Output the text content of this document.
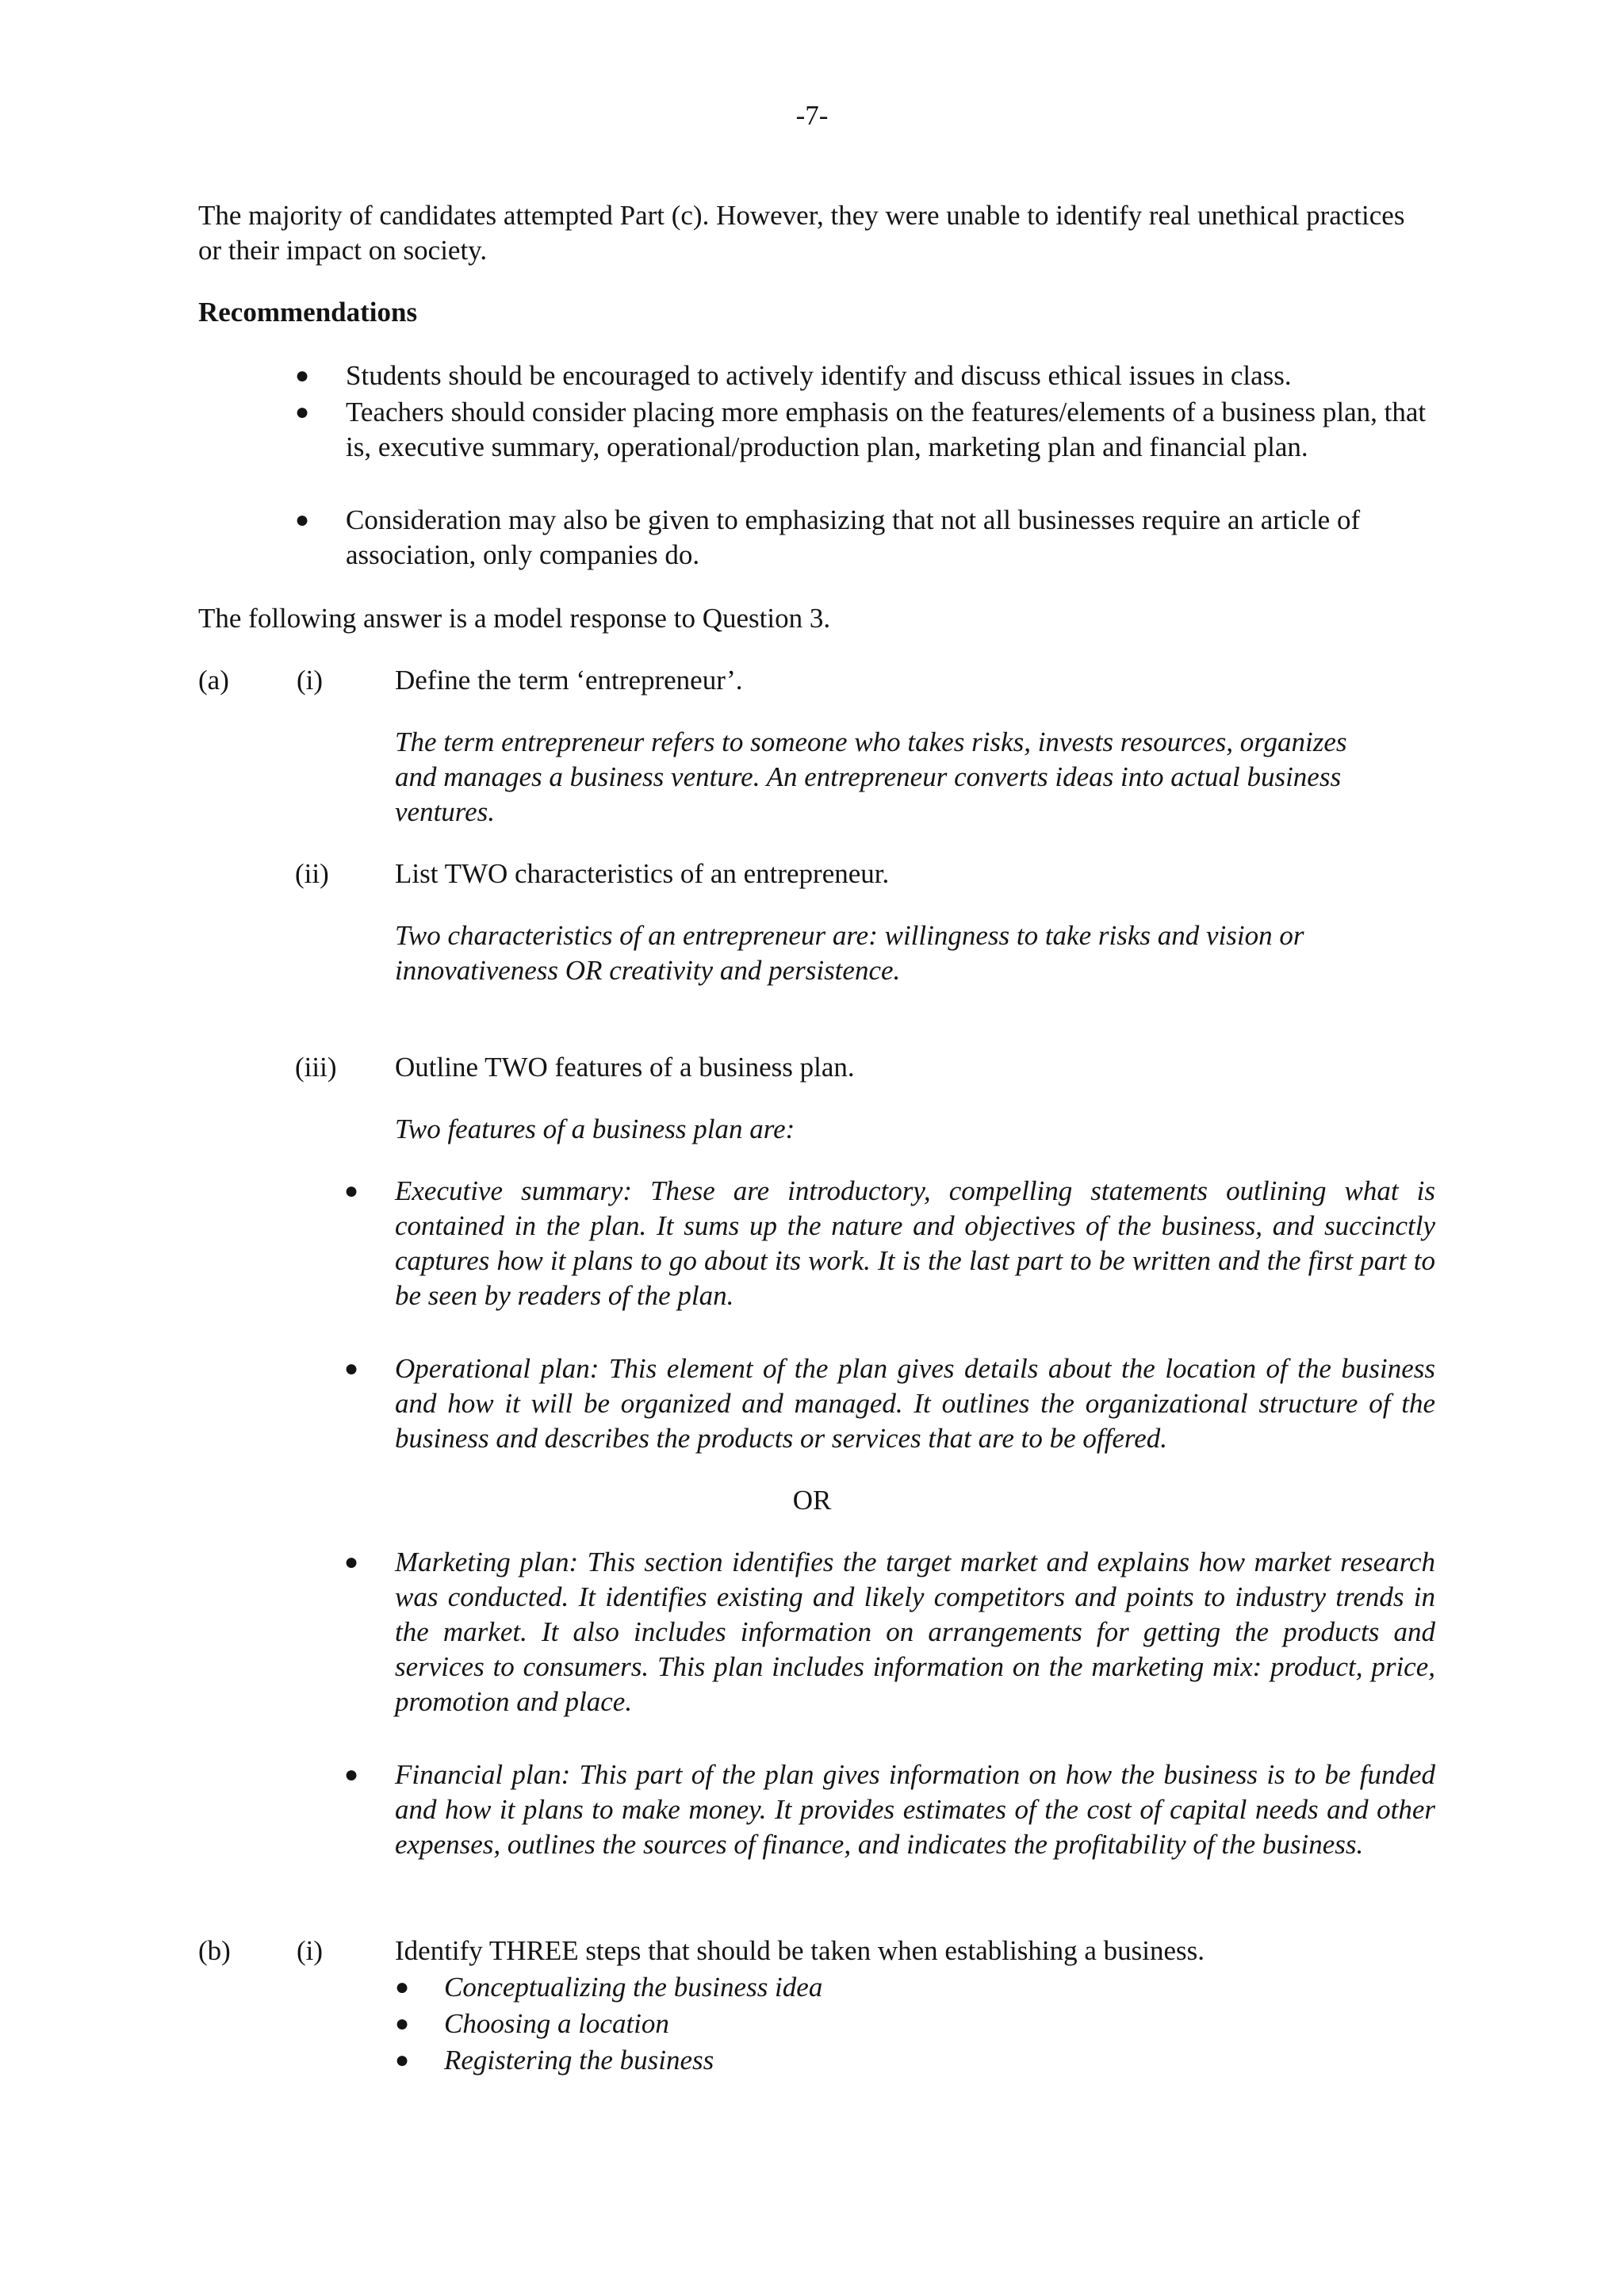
-7-
The majority of candidates attempted Part (c). However, they were unable to identify real unethical practices or their impact on society.
Recommendations
● Students should be encouraged to actively identify and discuss ethical issues in class.
● Teachers should consider placing more emphasis on the features/elements of a business plan, that is, executive summary, operational/production plan, marketing plan and financial plan.
● Consideration may also be given to emphasizing that not all businesses require an article of association, only companies do.
The following answer is a model response to Question 3.
(a) (i)	Define the term ‘entrepreneur’.
The term entrepreneur refers to someone who takes risks, invests resources, organizes and manages a business venture. An entrepreneur converts ideas into actual business ventures.
(ii) List TWO characteristics of an entrepreneur.
Two characteristics of an entrepreneur are: willingness to take risks and vision or innovativeness OR creativity and persistence.
(iii) Outline TWO features of a business plan.
Two features of a business plan are:
● Executive summary: These are introductory, compelling statements outlining what is contained in the plan. It sums up the nature and objectives of the business, and succinctly captures how it plans to go about its work. It is the last part to be written and the first part to be seen by readers of the plan.
● Operational plan: This element of the plan gives details about the location of the business and how it will be organized and managed. It outlines the organizational structure of the business and describes the products or services that are to be offered.
OR
● Marketing plan: This section identifies the target market and explains how market research was conducted. It identifies existing and likely competitors and points to industry trends in the market. It also includes information on arrangements for getting the products and services to consumers. This plan includes information on the marketing mix: product, price, promotion and place.
● Financial plan: This part of the plan gives information on how the business is to be funded and how it plans to make money. It provides estimates of the cost of capital needs and other expenses, outlines the sources of finance, and indicates the profitability of the business.
(b) (i)	Identify THREE steps that should be taken when establishing a business.
● Conceptualizing the business idea
● Choosing a location
● Registering the business
